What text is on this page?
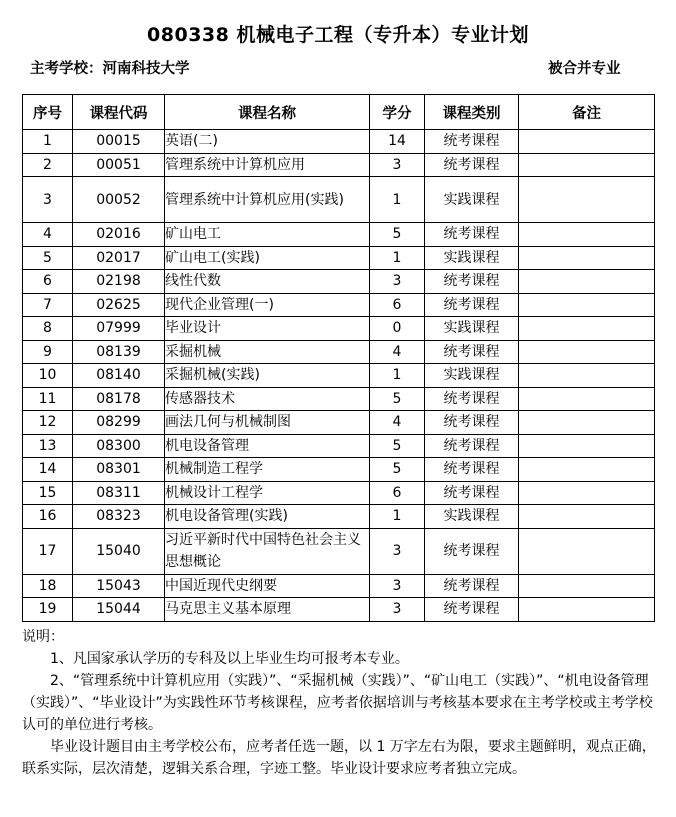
080338 机械电子工程（专升本）专业计划
主考学校：河南科技大学	被合并专业
序号	课程代码	课程名称	学分	课程类别	备注
1	00015	英语(二)	14	统考课程	
2	00051	管理系统中计算机应用	3	统考课程	
3	00052	管理系统中计算机应用(实践)	1	实践课程	
4	02016	矿山电工	5	统考课程	
5	02017	矿山电工(实践)	1	实践课程	
6	02198	线性代数	3	统考课程	
7	02625	现代企业管理(一)	6	统考课程	
8	07999	毕业设计	0	实践课程	
9	08139	采掘机械	4	统考课程	
10	08140	采掘机械(实践)	1	实践课程	
11	08178	传感器技术	5	统考课程	
12	08299	画法几何与机械制图	4	统考课程	
13	08300	机电设备管理	5	统考课程	
14	08301	机械制造工程学	5	统考课程	
15	08311	机械设计工程学	6	统考课程	
16	08323	机电设备管理(实践)	1	实践课程	
17	15040	习近平新时代中国特色社会主义思想概论	3	统考课程	
18	15043	中国近现代史纲要	3	统考课程	
19	15044	马克思主义基本原理	3	统考课程	

说明：

1、凡国家承认学历的专科及以上毕业生均可报考本专业。

2、“管理系统中计算机应用（实践）”、“采掘机械（实践）”、“矿山电工（实践）”、“机电设备管理（实践）”、“毕业设计”为实践性环节考核课程，应考者依据培训与考核基本要求在主考学校或主考学校认可的单位进行考核。

毕业设计题目由主考学校公布，应考者任选一题，以 1 万字左右为限，要求主题鲜明，观点正确，联系实际，层次清楚，逻辑关系合理，字迹工整。毕业设计要求应考者独立完成。
